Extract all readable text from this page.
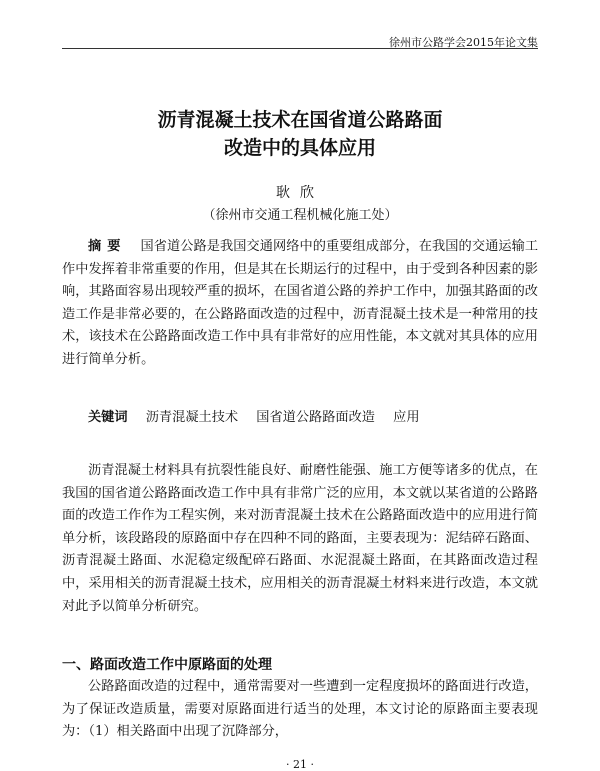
徐州市公路学会2015年论文集
沥青混凝土技术在国省道公路路面
改造中的具体应用
耿欣
（徐州市交通工程机械化施工处）
摘要 国省道公路是我国交通网络中的重要组成部分，在我国的交通运输工作中发挥着非常重要的作用，但是其在长期运行的过程中，由于受到各种因素的影响，其路面容易出现较严重的损坏，在国省道公路的养护工作中，加强其路面的改造工作是非常必要的，在公路路面改造的过程中，沥青混凝土技术是一种常用的技术，该技术在公路路面改造工作中具有非常好的应用性能，本文就对其具体的应用进行简单分析。
关键词 沥青混凝土技术 国省道公路路面改造 应用
沥青混凝土材料具有抗裂性能良好、耐磨性能强、施工方便等诸多的优点，在我国的国省道公路路面改造工作中具有非常广泛的应用，本文就以某省道的公路路面的改造工作作为工程实例，来对沥青混凝土技术在公路路面改造中的应用进行简单分析，该段路段的原路面中存在四种不同的路面，主要表现为：泥结碎石路面、沥青混凝土路面、水泥稳定级配碎石路面、水泥混凝土路面，在其路面改造过程中，采用相关的沥青混凝土技术，应用相关的沥青混凝土材料来进行改造，本文就对此予以简单分析研究。
一、路面改造工作中原路面的处理
公路路面改造的过程中，通常需要对一些遭到一定程度损坏的路面进行改造，为了保证改造质量，需要对原路面进行适当的处理，本文讨论的原路面主要表现为：（1）相关路面中出现了沉降部分，
· 21 ·
